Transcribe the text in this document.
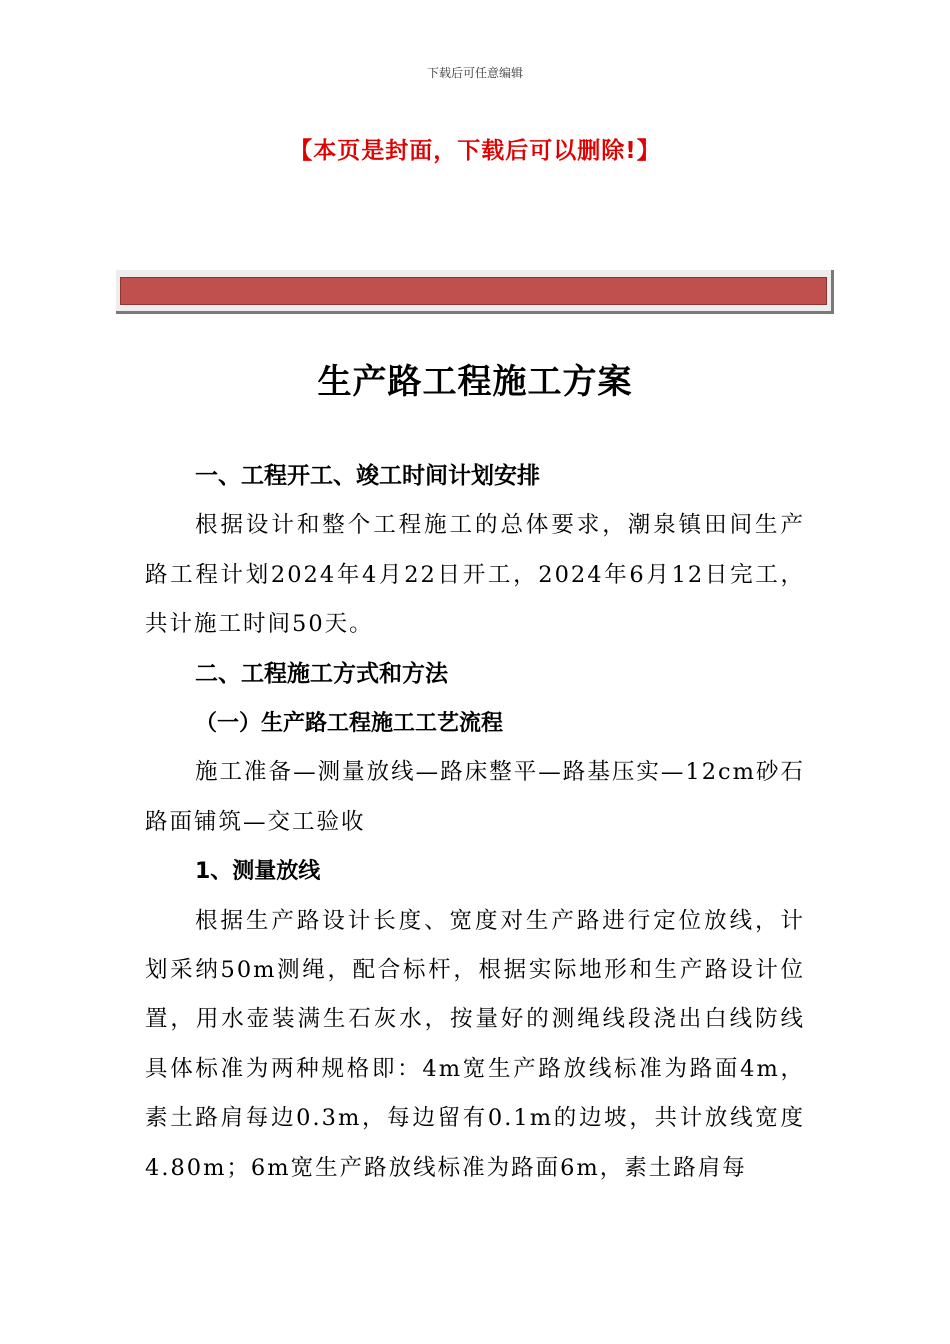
下载后可任意编辑
【本页是封面，下载后可以删除!】
生产路工程施工方案
一、工程开工、竣工时间计划安排

根据设计和整个工程施工的总体要求，潮泉镇田间生产路工程计划2024年4月22日开工，2024年6月12日完工，共计施工时间50天。

二、工程施工方式和方法
（一）生产路工程施工工艺流程

施工准备—测量放线—路床整平—路基压实—12cm砂石路面铺筑—交工验收

1、测量放线

根据生产路设计长度、宽度对生产路进行定位放线，计划采纳50m测绳，配合标杆，根据实际地形和生产路设计位置，用水壶装满生石灰水，按量好的测绳线段浇出白线防线具体标准为两种规格即：4m宽生产路放线标准为路面4m，素土路肩每边0.3m，每边留有0.1m的边坡，共计放线宽度4.80m；6m宽生产路放线标准为路面6m，素土路肩每
